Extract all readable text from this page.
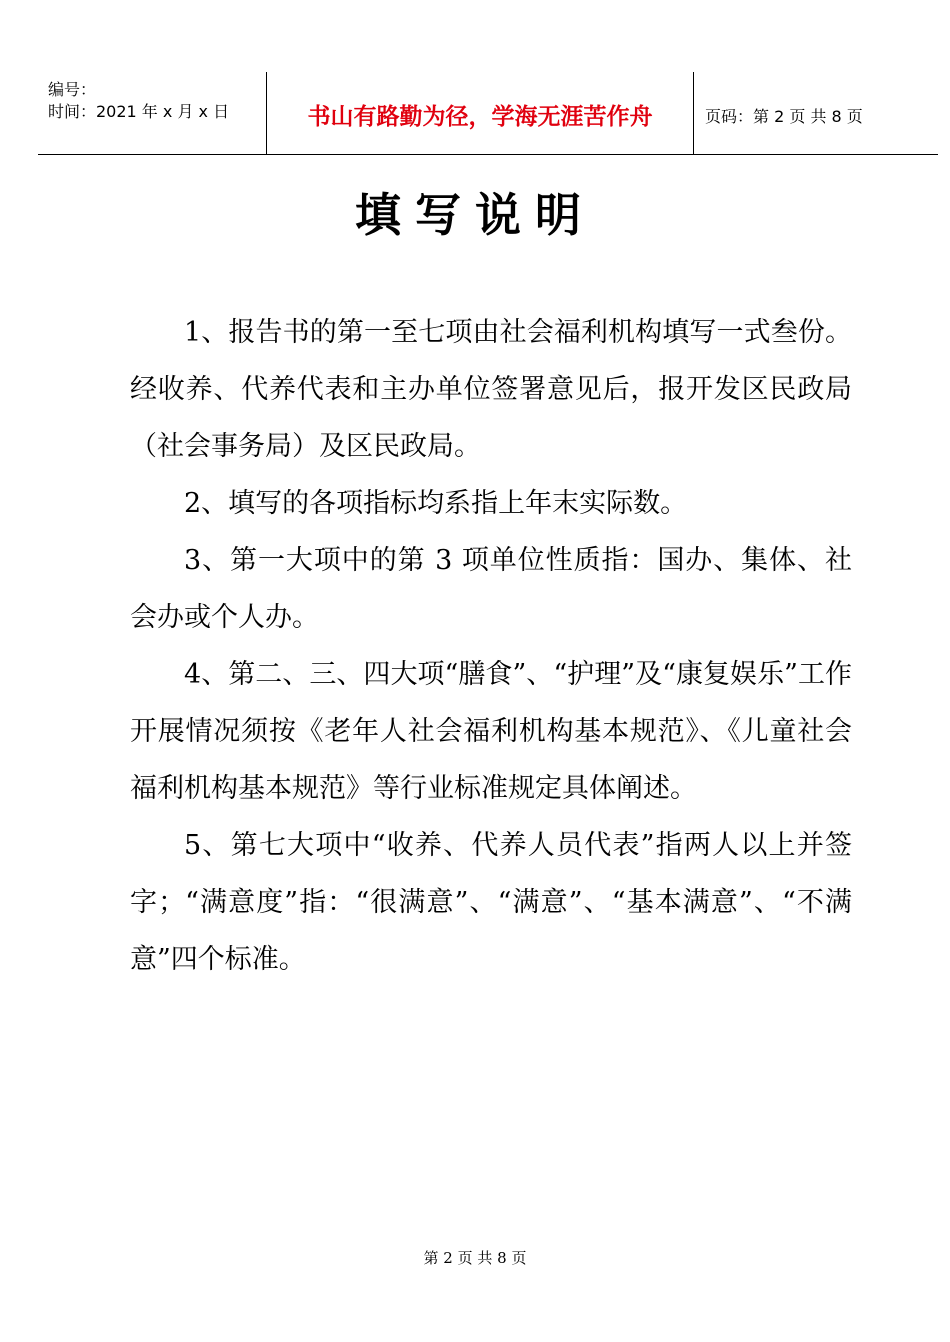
编号：
时间：2021 年 x 月 x 日	书山有路勤为径，学海无涯苦作舟	页码：第 2 页 共 8 页
填写说明

1、报告书的第一至七项由社会福利机构填写一式叁份。经收养、代养代表和主办单位签署意见后，报开发区民政局（社会事务局）及区民政局。

2、填写的各项指标均系指上年末实际数。

3、第一大项中的第 3 项单位性质指：国办、集体、社会办或个人办。

4、第二、三、四大项“膳食”、“护理”及“康复娱乐”工作开展情况须按《老年人社会福利机构基本规范》、《儿童社会福利机构基本规范》等行业标准规定具体阐述。

5、第七大项中“收养、代养人员代表”指两人以上并签字；“满意度”指：“很满意”、“满意”、“基本满意”、“不满意”四个标准。

第 2 页 共 8 页
